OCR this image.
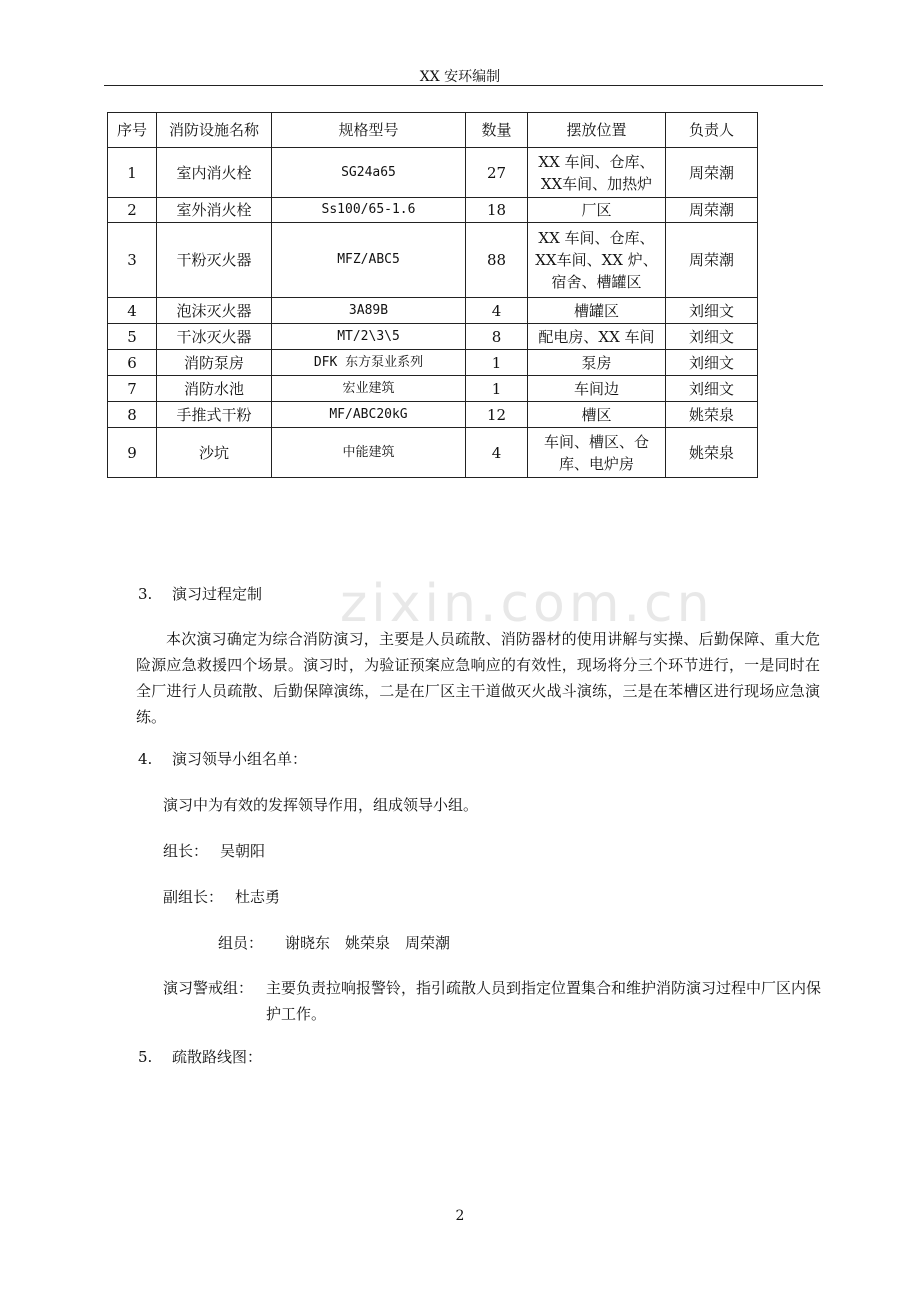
XX 安环编制
zixin.com.cn
序号	消防设施名称	规格型号	数量	摆放位置	负责人
1	室内消火栓	SG24a65	27	XX 车间、仓库、XX车间、加热炉	周荣潮
2	室外消火栓	Ss100/65-1.6	18	厂区	周荣潮
3	干粉灭火器	MFZ/ABC5	88	XX 车间、仓库、XX车间、XX 炉、宿舍、槽罐区	周荣潮
4	泡沫灭火器	3A89B	4	槽罐区	刘细文
5	干冰灭火器	MT/2\3\5	8	配电房、XX 车间	刘细文
6	消防泵房	DFK 东方泵业系列	1	泵房	刘细文
7	消防水池	宏业建筑	1	车间边	刘细文
8	手推式干粉	MF/ABC20kG	12	槽区	姚荣泉
9	沙坑	中能建筑	4	车间、槽区、仓库、电炉房	姚荣泉
3. 演习过程定制
本次演习确定为综合消防演习，主要是人员疏散、消防器材的使用讲解与实操、后勤保障、重大危险源应急救援四个场景。演习时，为验证预案应急响应的有效性，现场将分三个环节进行，一是同时在全厂进行人员疏散、后勤保障演练，二是在厂区主干道做灭火战斗演练，三是在苯槽区进行现场应急演练。
4. 演习领导小组名单：
演习中为有效的发挥领导作用，组成领导小组。
组长： 吴朝阳
副组长： 杜志勇
组员： 谢晓东　姚荣泉　周荣潮
演习警戒组： 主要负责拉响报警铃，指引疏散人员到指定位置集合和维护消防演习过程中厂区内保护工作。
5. 疏散路线图：
2
